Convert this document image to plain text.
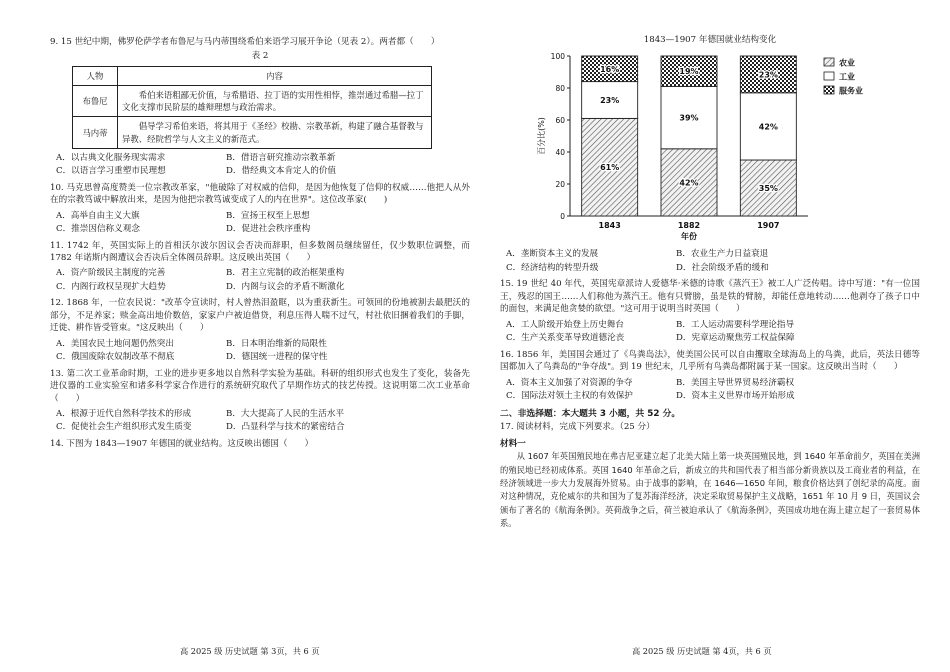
9. 15 世纪中期，佛罗伦萨学者布鲁尼与马内蒂围绕希伯来语学习展开争论（见表 2）。两者都（　　）

表 2

人物	内容
布鲁尼	希伯来语粗鄙无价值，与希腊语、拉丁语的实用性相悖，推崇通过希腊—拉丁文化支撑市民阶层的雄辩理想与政治需求。
马内蒂	倡导学习希伯来语，将其用于《圣经》校勘、宗教革新，构建了融合基督教与异教、经院哲学与人文主义的新范式。
A．以古典文化服务现实需求	B．借语言研究推动宗教革新
C．以语言学习重塑市民理想	D．借经典文本肯定人的价值

10. 马克思曾高度赞美一位宗教改革家，"他破除了对权威的信仰，是因为他恢复了信仰的权威……他把人从外在的宗教笃诚中解放出来，是因为他把宗教笃诚变成了人的内在世界"。这位改革家(　　)

A．高举自由主义大旗	B．宣扬王权至上思想
C．推崇因信称义观念	D．促进社会秩序重构

11. 1742 年，英国实际上的首相沃尔波尔因议会否决而辞职，但多数阁员继续留任，仅少数职位调整，而 1782 年诺斯内阁遭议会否决后全体阁员辞职。这反映出英国（　　）

A．资产阶级民主制度的完善	B．君主立宪制的政治框架重构
C．内阁行政权呈现扩大趋势	D．内阁与议会的矛盾不断激化

12. 1868 年，一位农民说："改革令宣读时，村人曾热泪盈眶，以为重获新生。可领回的份地被割去最肥沃的部分，不足养家；赎金高出地价数倍，家家户户被迫借贷，利息压得人喘不过气，村社依旧捆着我们的手脚，迁徙、耕作皆受管束。"这反映出（　　）

A．美国农民土地问题仍然突出	B．日本明治维新的局限性
C．俄国废除农奴制改革不彻底	D．德国统一进程的保守性

13. 第二次工业革命时期，工业的进步更多地以自然科学实验为基础。科研的组织形式也发生了变化，装备先进仪器的工业实验室和诸多科学家合作进行的系统研究取代了早期作坊式的技艺传授。这说明第二次工业革命（　　）

A．根源于近代自然科学技术的形成	B．大大提高了人民的生活水平
C．促使社会生产组织形式发生质变	D．凸显科学与技术的紧密结合

14. 下图为 1843—1907 年德国的就业结构。这反映出德国（　　）

高 2025 级 历史试题 第 3页，共 6 页

1843—1907 年德国就业结构变化

0
20
40
60
80
100
百分比(%)
61%
23%
16%
1843
42%
39%
19%
1882
35%
42%
23%
1907
年份
农业
工业
服务业
A．垄断资本主义的发展	B．农业生产力日益衰退
C．经济结构的转型升级	D．社会阶级矛盾的缓和

15. 19 世纪 40 年代，英国宪章派诗人爱德华·米德的诗歌《蒸汽王》被工人广泛传唱。诗中写道："有一位国王，残忍的国王……人们称他为蒸汽王。他有只臂膀，虽是铁的臂膀，却能任意地转动……他剥夺了孩子口中的面包，来满足他贪婪的欲望。"这可用于说明当时英国（　　）

A．工人阶级开始登上历史舞台	B．工人运动需要科学理论指导
C．生产关系变革导致道德沦丧	D．宪章运动聚焦劳工权益保障

16. 1856 年，美国国会通过了《鸟粪岛法》，使美国公民可以自由攫取全球海岛上的鸟粪，此后，英法日德等国都加入了鸟粪岛的"争夺战"。到 19 世纪末，几乎所有鸟粪岛都附属于某一国家。这反映出当时（　　）

A．资本主义加强了对资源的争夺	B．美国主导世界贸易经济霸权
C．国际法对领土主权的有效保护	D．资本主义世界市场开始形成

二、非选择题：本大题共 3 小题，共 52 分。

17. 阅读材料，完成下列要求。（25 分）

材料一

从 1607 年英国殖民地在弗吉尼亚建立起了北美大陆上第一块英国殖民地，到 1640 年革命前夕，英国在美洲的殖民地已经初成体系。英国 1640 年革命之后，新成立的共和国代表了相当部分新贵族以及工商业者的利益，在经济领域进一步大力发展海外贸易。由于战事的影响，在 1646—1650 年间，粮食价格达到了创纪录的高度。面对这种情况，克伦威尔的共和国为了复苏海洋经济，决定采取贸易保护主义战略，1651 年 10 月 9 日，英国议会颁布了著名的《航海条例》。英荷战争之后，荷兰被迫承认了《航海条例》，英国成功地在海上建立起了一套贸易体系。

高 2025 级 历史试题 第 4页，共 6 页
